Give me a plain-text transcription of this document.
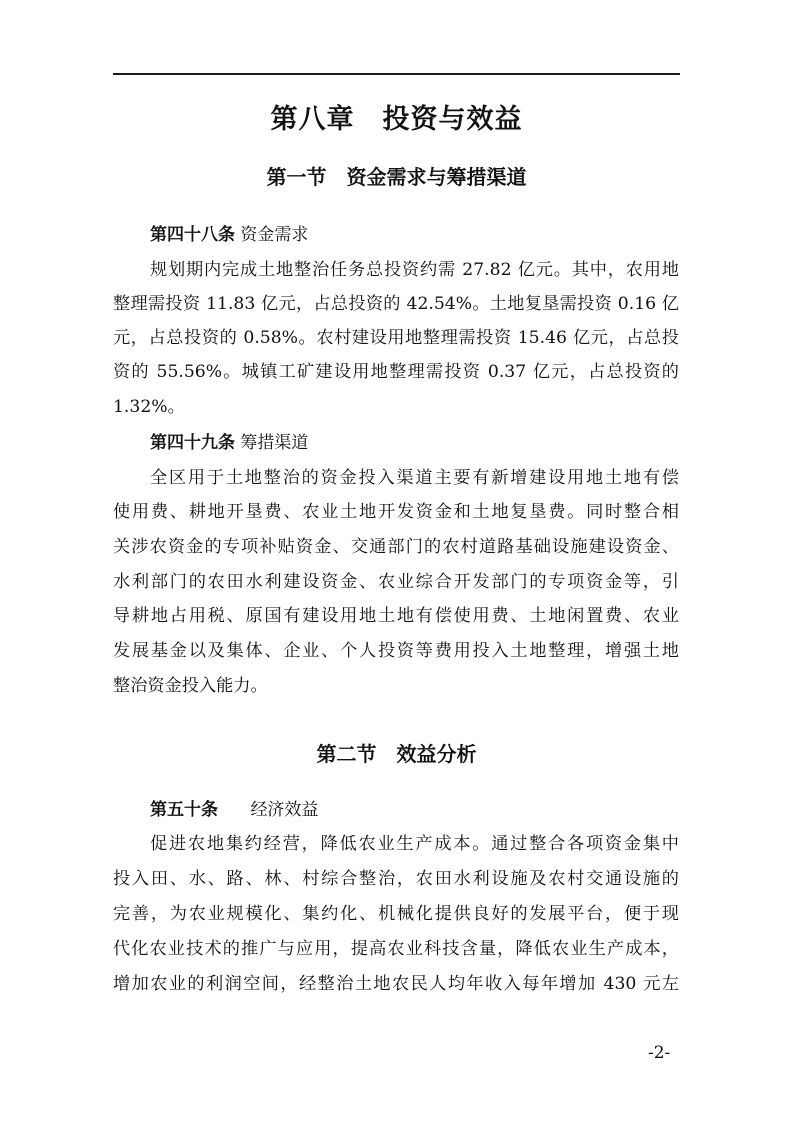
第八章　投资与效益
第一节　资金需求与筹措渠道
第四十八条 资金需求
规划期内完成土地整治任务总投资约需 27.82 亿元。其中，农用地
整理需投资 11.83 亿元，占总投资的 42.54%。土地复垦需投资 0.16 亿
元，占总投资的 0.58%。农村建设用地整理需投资 15.46 亿元，占总投
资的 55.56%。城镇工矿建设用地整理需投资 0.37 亿元，占总投资的
1.32%。
第四十九条 筹措渠道
全区用于土地整治的资金投入渠道主要有新增建设用地土地有偿
使用费、耕地开垦费、农业土地开发资金和土地复垦费。同时整合相
关涉农资金的专项补贴资金、交通部门的农村道路基础设施建设资金、
水利部门的农田水利建设资金、农业综合开发部门的专项资金等，引
导耕地占用税、原国有建设用地土地有偿使用费、土地闲置费、农业
发展基金以及集体、企业、个人投资等费用投入土地整理，增强土地
整治资金投入能力。
第二节　效益分析
第五十条 经济效益
促进农地集约经营，降低农业生产成本。通过整合各项资金集中
投入田、水、路、林、村综合整治，农田水利设施及农村交通设施的
完善，为农业规模化、集约化、机械化提供良好的发展平台，便于现
代化农业技术的推广与应用，提高农业科技含量，降低农业生产成本，
增加农业的利润空间，经整治土地农民人均年收入每年增加 430 元左
-2-
